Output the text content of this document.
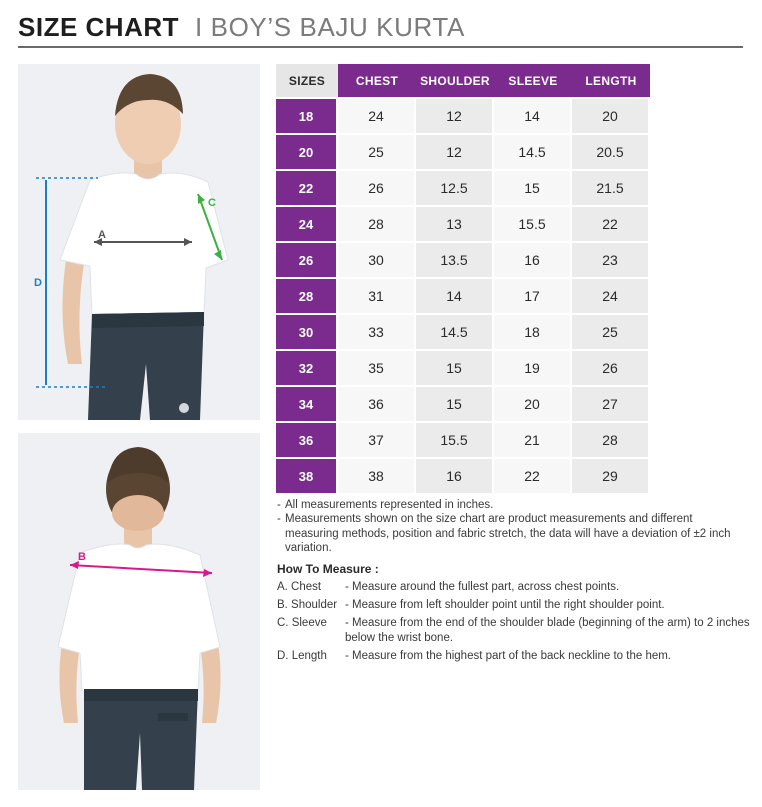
SIZE CHART I BOY’S BAJU KURTA
A
C
D
B
SIZES	CHEST	SHOULDER	SLEEVE	LENGTH
18	24	12	14	20
20	25	12	14.5	20.5
22	26	12.5	15	21.5
24	28	13	15.5	22
26	30	13.5	16	23
28	31	14	17	24
30	33	14.5	18	25
32	35	15	19	26
34	36	15	20	27
36	37	15.5	21	28
38	38	16	22	29
- All measurements represented in inches.
- Measurements shown on the size chart are product measurements and different measuring methods, position and fabric stretch, the data will have a deviation of ±2 inch variation.
How To Measure :
A. Chest	- Measure around the fullest part, across chest points.
B. Shoulder - Measure from left shoulder point until the right shoulder point.
C. Sleeve	- Measure from the end of the shoulder blade (beginning of the arm) to 2 inches below the wrist bone.
D. Length	- Measure from the highest part of the back neckline to the hem.
